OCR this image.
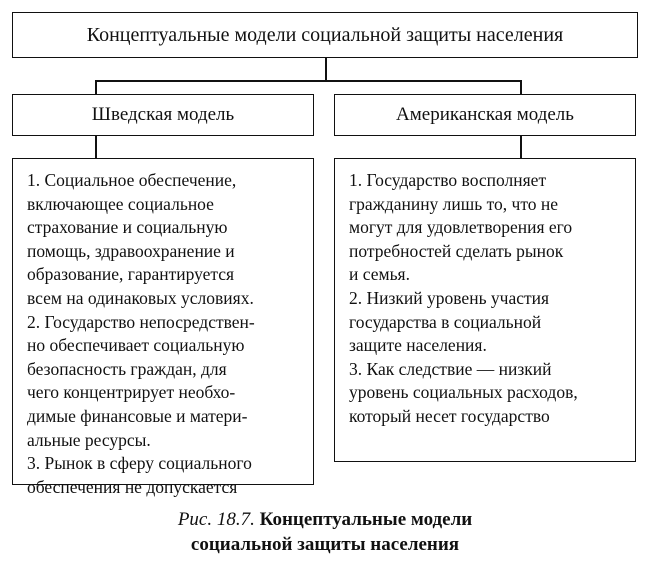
Концептуальные модели социальной защиты населения
Шведская модель	Американская модель
1. Социальное обеспечение,
включающее социальное
страхование и социальную
помощь, здравоохранение и
образование, гарантируется
всем на одинаковых условиях.
2. Государство непосредствен-
но обеспечивает социальную
безопасность граждан, для
чего концентрирует необхо-
димые финансовые и матери-
альные ресурсы.
3. Рынок в сферу социального
обеспечения не допускается
1. Государство восполняет
гражданину лишь то, что не
могут для удовлетворения его
потребностей сделать рынок
и семья.
2. Низкий уровень участия
государства в социальной
защите населения.
3. Как следствие — низкий
уровень социальных расходов,
который несет государство
Рис. 18.7. Концептуальные модели
социальной защиты населения
